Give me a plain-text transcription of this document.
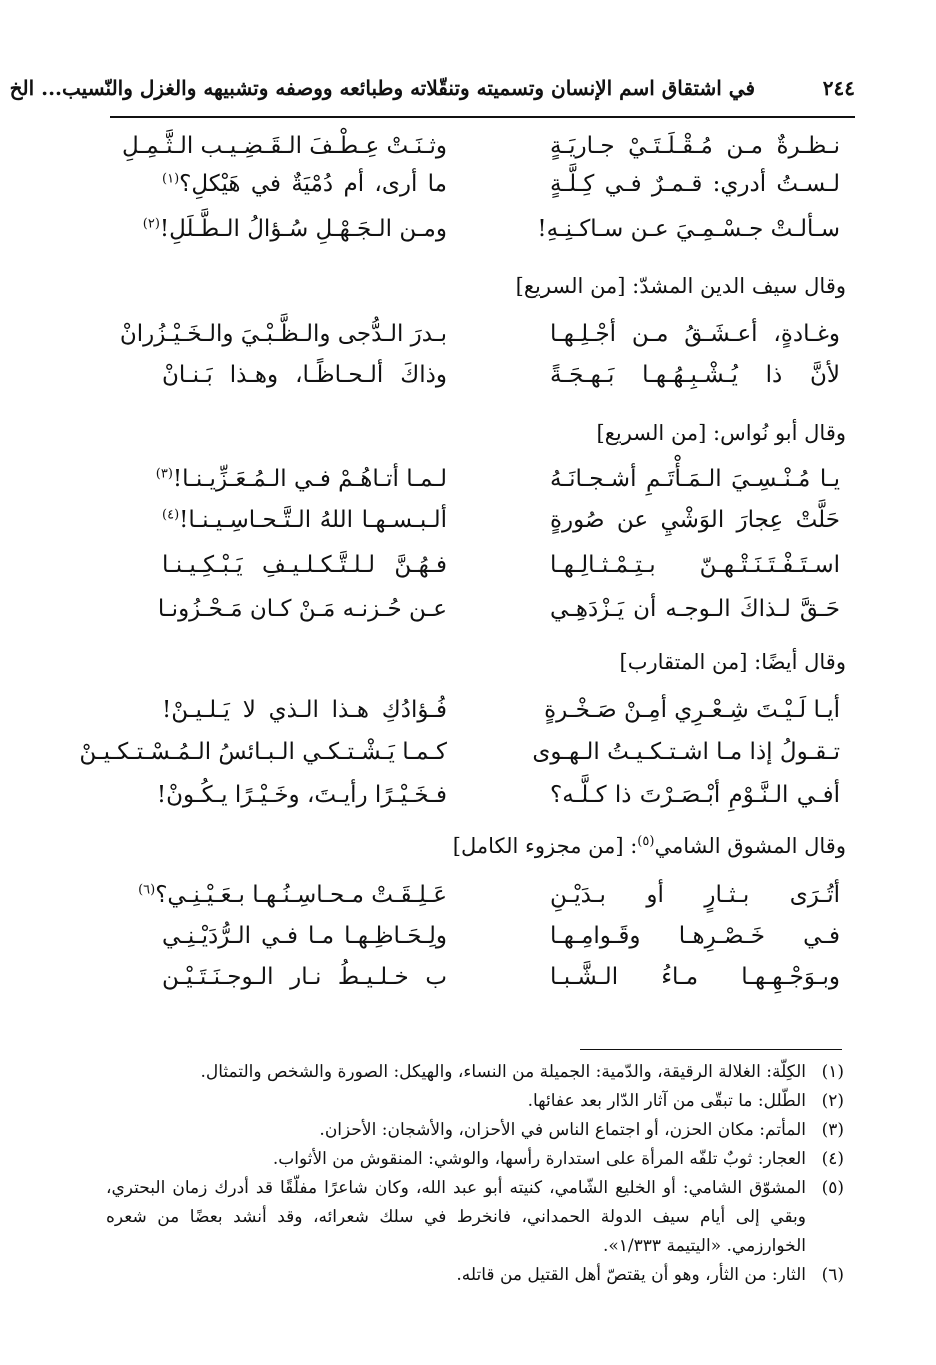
٢٤٤
في اشتقاق اسم الإنسان وتسميته وتنقّلاته وطبائعه ووصفه وتشبيهه والغزل والنّسيب... الخ
نـظـرةٌ مـن مُـقْـلَـتَـيْ جـاريَـةٍ
وثـنَـتْ عِـطْـفَ الـقَـضِـيـب الـثَّـمِـلِ
لـسـتُ أدري: قـمـرٌ فـي كِـلَّـةٍ
ما أرى، أم دُمْيَةٌ في هَيْكلِ؟$^{(١)}$
سـألـتْ جـسْـمِـيَ عـن سـاكـنِـهِ!
ومـن الـجَـهْـلِ سُـؤالُ الـطَّـلَلِ!$^{(٢)}$
وقال سيف الدين المشدّ: [من السريع]
وغـادةٍ، أعـشَـقُ مـن أجْـلِـهـا
بـدرَ الـدُّجى والـظَّـبْـيَ والـخَـيْـزُرانْ
لأنَّ ذا يُـشْـبِـهُـهـا بَـهـجَـةً
وذاكَ ألـحـاظًـا، وهـذا بَـنـانْ
وقال أبو نُواس: [من السريع]
يـا مُـنْـسِـيَ الـمَـأْتَـمِ أشـجـانَـهُ
لـمـا أتـاهُـمْ فـي الـمُـعَـزِّيـنـا!$^{(٣)}$
حَلَّتْ عِجارَ الوَشْيِ عن صُورةٍ
ألـبـسـهـا اللهُ الـتَّـحـاسِـيـنـا!$^{(٤)}$
اسـتَـفْـتَـنَـتْـهـنّ بـتِـمْـثـالِـهـا
فـهُـنَّ لـلـتَّـكـلـيـفِ يَـبْـكِـيـنـا
حَـقَّ لـذاكَ الـوجـه أن يَـزْدَهِـي
عـن حُـزنـه مَـنْ كـان مَـحْـزُونـا
وقال أيضًا: [من المتقارب]
أيـا لَـيْـتَ شِـعْـرِي أمِـنْ صَـخْـرةٍ
فُـؤادُكِ هـذا الـذي لا يَـلـيـنْ!
تـقـولُ إذا مـا اشـتـكـيـتُ الـهـوى
كـمـا يَـشْـتـكـي الـبـائسُ الـمُـسْـتـكـيـنْ
أفـي الـنَّـوْمِ أبْـصَـرْتَ ذا كـلَّـه؟
فـخَـيْـرًا رأيـتَ، وخَـيْـرًا يـكُـونْ!
وقال المشوق الشامي$^{(٥)}$: [من مجزوء الكامل]
أتُـرَى بـثـارٍ أو بـدَيْـنِ
عَـلِـقَـتْ مـحـاسِـنُـهـا بـعَـيْـنِـي؟$^{(٦)}$
فـي خَـصْـرِهـا وقَـوامِـهـا
ولِـحَـاظِـهـا مـا فـي الـرُّدَيْـنِـي
وبـوَجْـهِـهـا مـاءُ الـشَّـبـا
ب خـلـيـطُ نـار الـوجـنَـتَـيْـن
(١)
الكِلّة: الغلالة الرقيقة، والدّمية: الجميلة من النساء، والهيكل: الصورة والشخص والتمثال.
(٢)
الطّلل: ما تبقّى من آثار الدّار بعد عفائها.
(٣)
المأتم: مكان الحزن، أو اجتماع الناس في الأحزان، والأشجان: الأحزان.
(٤)
العجار: ثوبٌ تلفّه المرأة على استدارة رأسها، والوشي: المنقوش من الأثواب.
(٥)
المشوّق الشامي: أو الخليع الشّامي، كنيته أبو عبد الله، وكان شاعرًا مفلّقًا قد أدرك زمان البحتري، وبقي إلى أيام سيف الدولة الحمداني، فانخرط في سلك شعرائه، وقد أنشد بعضًا من شعره الخوارزمي. «اليتيمة ١/٣٣٣».
(٦)
الثار: من الثأر، وهو أن يقتصّ أهل القتيل من قاتله.
